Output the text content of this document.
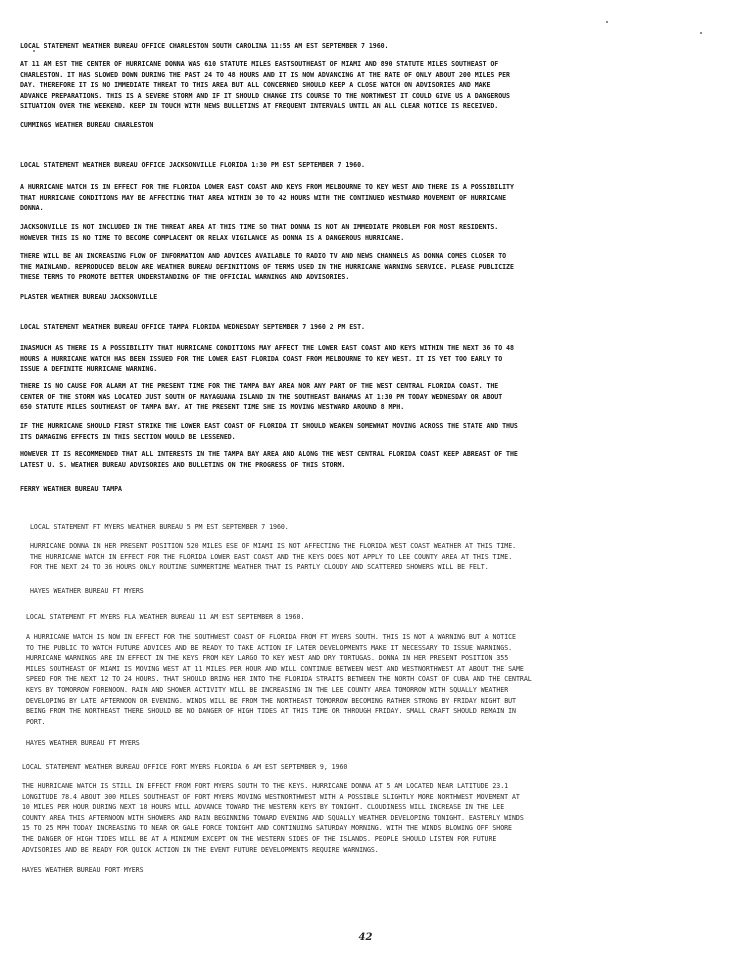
LOCAL STATEMENT WEATHER BUREAU OFFICE CHARLESTON SOUTH CAROLINA 11:55 AM EST SEPTEMBER 7 1960.
AT 11 AM EST THE CENTER OF HURRICANE DONNA WAS 610 STATUTE MILES EASTSOUTHEAST OF MIAMI AND 890 STATUTE MILES SOUTHEAST OF
CHARLESTON. IT HAS SLOWED DOWN DURING THE PAST 24 TO 48 HOURS AND IT IS NOW ADVANCING AT THE RATE OF ONLY ABOUT 200 MILES PER
DAY. THEREFORE IT IS NO IMMEDIATE THREAT TO THIS AREA BUT ALL CONCERNED SHOULD KEEP A CLOSE WATCH ON ADVISORIES AND MAKE
ADVANCE PREPARATIONS. THIS IS A SEVERE STORM AND IF IT SHOULD CHANGE ITS COURSE TO THE NORTHWEST IT COULD GIVE US A DANGEROUS
SITUATION OVER THE WEEKEND. KEEP IN TOUCH WITH NEWS BULLETINS AT FREQUENT INTERVALS UNTIL AN ALL CLEAR NOTICE IS RECEIVED.
CUMMINGS WEATHER BUREAU CHARLESTON
LOCAL STATEMENT WEATHER BUREAU OFFICE JACKSONVILLE FLORIDA 1:30 PM EST SEPTEMBER 7 1960.
A HURRICANE WATCH IS IN EFFECT FOR THE FLORIDA LOWER EAST COAST AND KEYS FROM MELBOURNE TO KEY WEST AND THERE IS A POSSIBILITY
THAT HURRICANE CONDITIONS MAY BE AFFECTING THAT AREA WITHIN 30 TO 42 HOURS WITH THE CONTINUED WESTWARD MOVEMENT OF HURRICANE
DONNA.
JACKSONVILLE IS NOT INCLUDED IN THE THREAT AREA AT THIS TIME SO THAT DONNA IS NOT AN IMMEDIATE PROBLEM FOR MOST RESIDENTS.
HOWEVER THIS IS NO TIME TO BECOME COMPLACENT OR RELAX VIGILANCE AS DONNA IS A DANGEROUS HURRICANE.
THERE WILL BE AN INCREASING FLOW OF INFORMATION AND ADVICES AVAILABLE TO RADIO TV AND NEWS CHANNELS AS DONNA COMES CLOSER TO
THE MAINLAND. REPRODUCED BELOW ARE WEATHER BUREAU DEFINITIONS OF TERMS USED IN THE HURRICANE WARNING SERVICE. PLEASE PUBLICIZE
THESE TERMS TO PROMOTE BETTER UNDERSTANDING OF THE OFFICIAL WARNINGS AND ADVISORIES.
PLASTER WEATHER BUREAU JACKSONVILLE
LOCAL STATEMENT WEATHER BUREAU OFFICE TAMPA FLORIDA WEDNESDAY SEPTEMBER 7 1960 2 PM EST.
INASMUCH AS THERE IS A POSSIBILITY THAT HURRICANE CONDITIONS MAY AFFECT THE LOWER EAST COAST AND KEYS WITHIN THE NEXT 36 TO 48
HOURS A HURRICANE WATCH HAS BEEN ISSUED FOR THE LOWER EAST FLORIDA COAST FROM MELBOURNE TO KEY WEST. IT IS YET TOO EARLY TO
ISSUE A DEFINITE HURRICANE WARNING.
THERE IS NO CAUSE FOR ALARM AT THE PRESENT TIME FOR THE TAMPA BAY AREA NOR ANY PART OF THE WEST CENTRAL FLORIDA COAST. THE
CENTER OF THE STORM WAS LOCATED JUST SOUTH OF MAYAGUANA ISLAND IN THE SOUTHEAST BAHAMAS AT 1:30 PM TODAY WEDNESDAY OR ABOUT
650 STATUTE MILES SOUTHEAST OF TAMPA BAY. AT THE PRESENT TIME SHE IS MOVING WESTWARD AROUND 8 MPH.
IF THE HURRICANE SHOULD FIRST STRIKE THE LOWER EAST COAST OF FLORIDA IT SHOULD WEAKEN SOMEWHAT MOVING ACROSS THE STATE AND THUS
ITS DAMAGING EFFECTS IN THIS SECTION WOULD BE LESSENED.
HOWEVER IT IS RECOMMENDED THAT ALL INTERESTS IN THE TAMPA BAY AREA AND ALONG THE WEST CENTRAL FLORIDA COAST KEEP ABREAST OF THE
LATEST U. S. WEATHER BUREAU ADVISORIES AND BULLETINS ON THE PROGRESS OF THIS STORM.
FERRY WEATHER BUREAU TAMPA
LOCAL STATEMENT FT MYERS WEATHER BUREAU 5 PM EST SEPTEMBER 7 1960.
HURRICANE DONNA IN HER PRESENT POSITION 520 MILES ESE OF MIAMI IS NOT AFFECTING THE FLORIDA WEST COAST WEATHER AT THIS TIME.
THE HURRICANE WATCH IN EFFECT FOR THE FLORIDA LOWER EAST COAST AND THE KEYS DOES NOT APPLY TO LEE COUNTY AREA AT THIS TIME.
FOR THE NEXT 24 TO 36 HOURS ONLY ROUTINE SUMMERTIME WEATHER THAT IS PARTLY CLOUDY AND SCATTERED SHOWERS WILL BE FELT.
HAYES WEATHER BUREAU FT MYERS
LOCAL STATEMENT FT MYERS FLA WEATHER BUREAU 11 AM EST SEPTEMBER 8 1960.
A HURRICANE WATCH IS NOW IN EFFECT FOR THE SOUTHWEST COAST OF FLORIDA FROM FT MYERS SOUTH. THIS IS NOT A WARNING BUT A NOTICE
TO THE PUBLIC TO WATCH FUTURE ADVICES AND BE READY TO TAKE ACTION IF LATER DEVELOPMENTS MAKE IT NECESSARY TO ISSUE WARNINGS.
HURRICANE WARNINGS ARE IN EFFECT IN THE KEYS FROM KEY LARGO TO KEY WEST AND DRY TORTUGAS. DONNA IN HER PRESENT POSITION 355
MILES SOUTHEAST OF MIAMI IS MOVING WEST AT 11 MILES PER HOUR AND WILL CONTINUE BETWEEN WEST AND WESTNORTHWEST AT ABOUT THE SAME
SPEED FOR THE NEXT 12 TO 24 HOURS. THAT SHOULD BRING HER INTO THE FLORIDA STRAITS BETWEEN THE NORTH COAST OF CUBA AND THE CENTRAL
KEYS BY TOMORROW FORENOON. RAIN AND SHOWER ACTIVITY WILL BE INCREASING IN THE LEE COUNTY AREA TOMORROW WITH SQUALLY WEATHER
DEVELOPING BY LATE AFTERNOON OR EVENING. WINDS WILL BE FROM THE NORTHEAST TOMORROW BECOMING RATHER STRONG BY FRIDAY NIGHT BUT
BEING FROM THE NORTHEAST THERE SHOULD BE NO DANGER OF HIGH TIDES AT THIS TIME OR THROUGH FRIDAY. SMALL CRAFT SHOULD REMAIN IN
PORT.
HAYES WEATHER BUREAU FT MYERS
LOCAL STATEMENT WEATHER BUREAU OFFICE FORT MYERS FLORIDA 6 AM EST SEPTEMBER 9, 1960
THE HURRICANE WATCH IS STILL IN EFFECT FROM FORT MYERS SOUTH TO THE KEYS. HURRICANE DONNA AT 5 AM LOCATED NEAR LATITUDE 23.1
LONGITUDE 78.4 ABOUT 300 MILES SOUTHEAST OF FORT MYERS MOVING WESTNORTHWEST WITH A POSSIBLE SLIGHTLY MORE NORTHWEST MOVEMENT AT
10 MILES PER HOUR DURING NEXT 18 HOURS WILL ADVANCE TOWARD THE WESTERN KEYS BY TONIGHT. CLOUDINESS WILL INCREASE IN THE LEE
COUNTY AREA THIS AFTERNOON WITH SHOWERS AND RAIN BEGINNING TOWARD EVENING AND SQUALLY WEATHER DEVELOPING TONIGHT. EASTERLY WINDS
15 TO 25 MPH TODAY INCREASING TO NEAR OR GALE FORCE TONIGHT AND CONTINUING SATURDAY MORNING. WITH THE WINDS BLOWING OFF SHORE
THE DANGER OF HIGH TIDES WILL BE AT A MINIMUM EXCEPT ON THE WESTERN SIDES OF THE ISLANDS. PEOPLE SHOULD LISTEN FOR FUTURE
ADVISORIES AND BE READY FOR QUICK ACTION IN THE EVENT FUTURE DEVELOPMENTS REQUIRE WARNINGS.
HAYES WEATHER BUREAU FORT MYERS
42
